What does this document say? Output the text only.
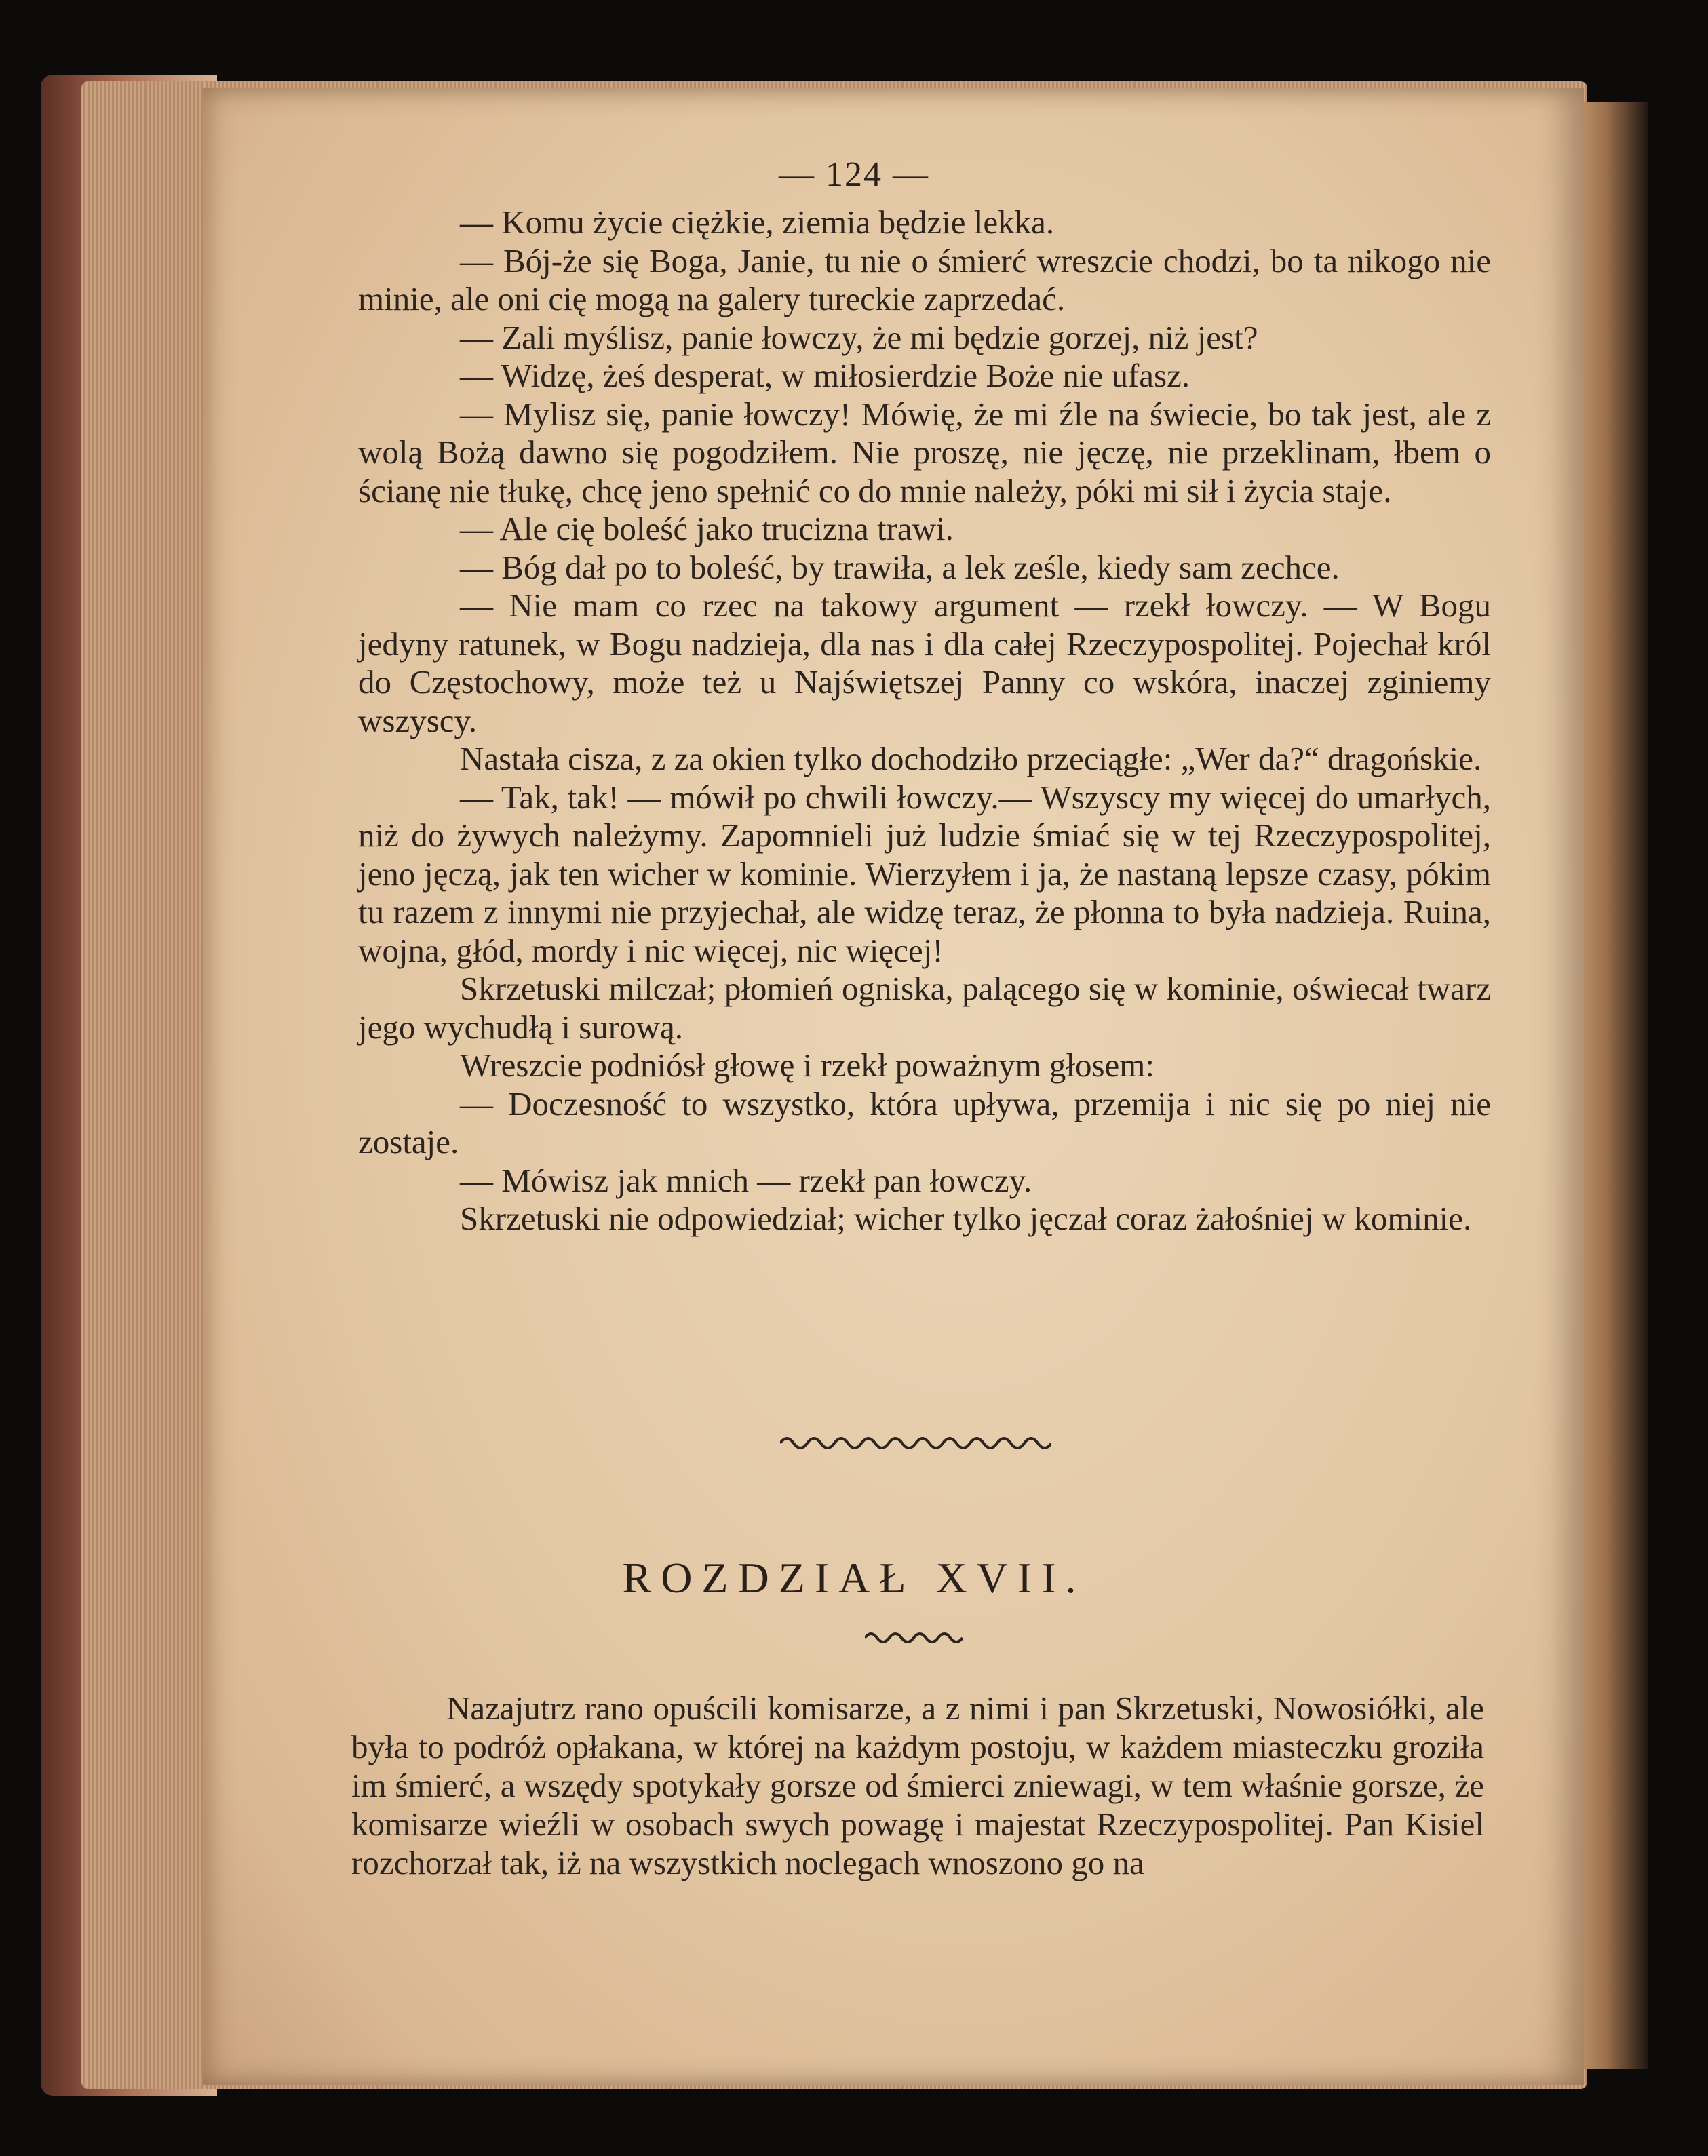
— 124 —

— Komu życie ciężkie, ziemia będzie lekka.

— Bój-że się Boga, Janie, tu nie o śmierć wreszcie chodzi, bo ta nikogo nie minie, ale oni cię mogą na galery tureckie zaprzedać.

— Zali myślisz, panie łowczy, że mi będzie gorzej, niż jest?

— Widzę, żeś desperat, w miłosierdzie Boże nie ufasz.

— Mylisz się, panie łowczy! Mówię, że mi źle na świecie, bo tak jest, ale z wolą Bożą dawno się pogodziłem. Nie proszę, nie jęczę, nie przeklinam, łbem o ścianę nie tłukę, chcę jeno spełnić co do mnie należy, póki mi sił i życia staje.

— Ale cię boleść jako trucizna trawi.

— Bóg dał po to boleść, by trawiła, a lek ześle, kiedy sam zechce.

— Nie mam co rzec na takowy argument — rzekł łowczy. — W Bogu jedyny ratunek, w Bogu nadzieja, dla nas i dla całej Rzeczypospolitej. Pojechał król do Częstochowy, może też u Najświętszej Panny co wskóra, inaczej zginiemy wszyscy.

Nastała cisza, z za okien tylko dochodziło przeciągłe: „Wer da?“ dragońskie.

— Tak, tak! — mówił po chwili łowczy.— Wszyscy my więcej do umarłych, niż do żywych należymy. Zapomnieli już ludzie śmiać się w tej Rzeczypospolitej, jeno jęczą, jak ten wicher w kominie. Wierzyłem i ja, że nastaną lepsze czasy, pókim tu razem z innymi nie przyjechał, ale widzę teraz, że płonna to była nadzieja. Ruina, wojna, głód, mordy i nic więcej, nic więcej!

Skrzetuski milczał; płomień ogniska, palącego się w kominie, oświecał twarz jego wychudłą i surową.

Wreszcie podniósł głowę i rzekł poważnym głosem:

— Doczesność to wszystko, która upływa, przemija i nic się po niej nie zostaje.

— Mówisz jak mnich — rzekł pan łowczy.

Skrzetuski nie odpowiedział; wicher tylko jęczał coraz żałośniej w kominie.

ROZDZIAŁ XVII.

Nazajutrz rano opuścili komisarze, a z nimi i pan Skrzetuski, Nowosiółki, ale była to podróż opłakana, w której na każdym postoju, w każdem miasteczku groziła im śmierć, a wszędy spotykały gorsze od śmierci zniewagi, w tem właśnie gorsze, że komisarze wieźli w osobach swych powagę i majestat Rzeczypospolitej. Pan Kisiel rozchorzał tak, iż na wszystkich noclegach wnoszono go na
